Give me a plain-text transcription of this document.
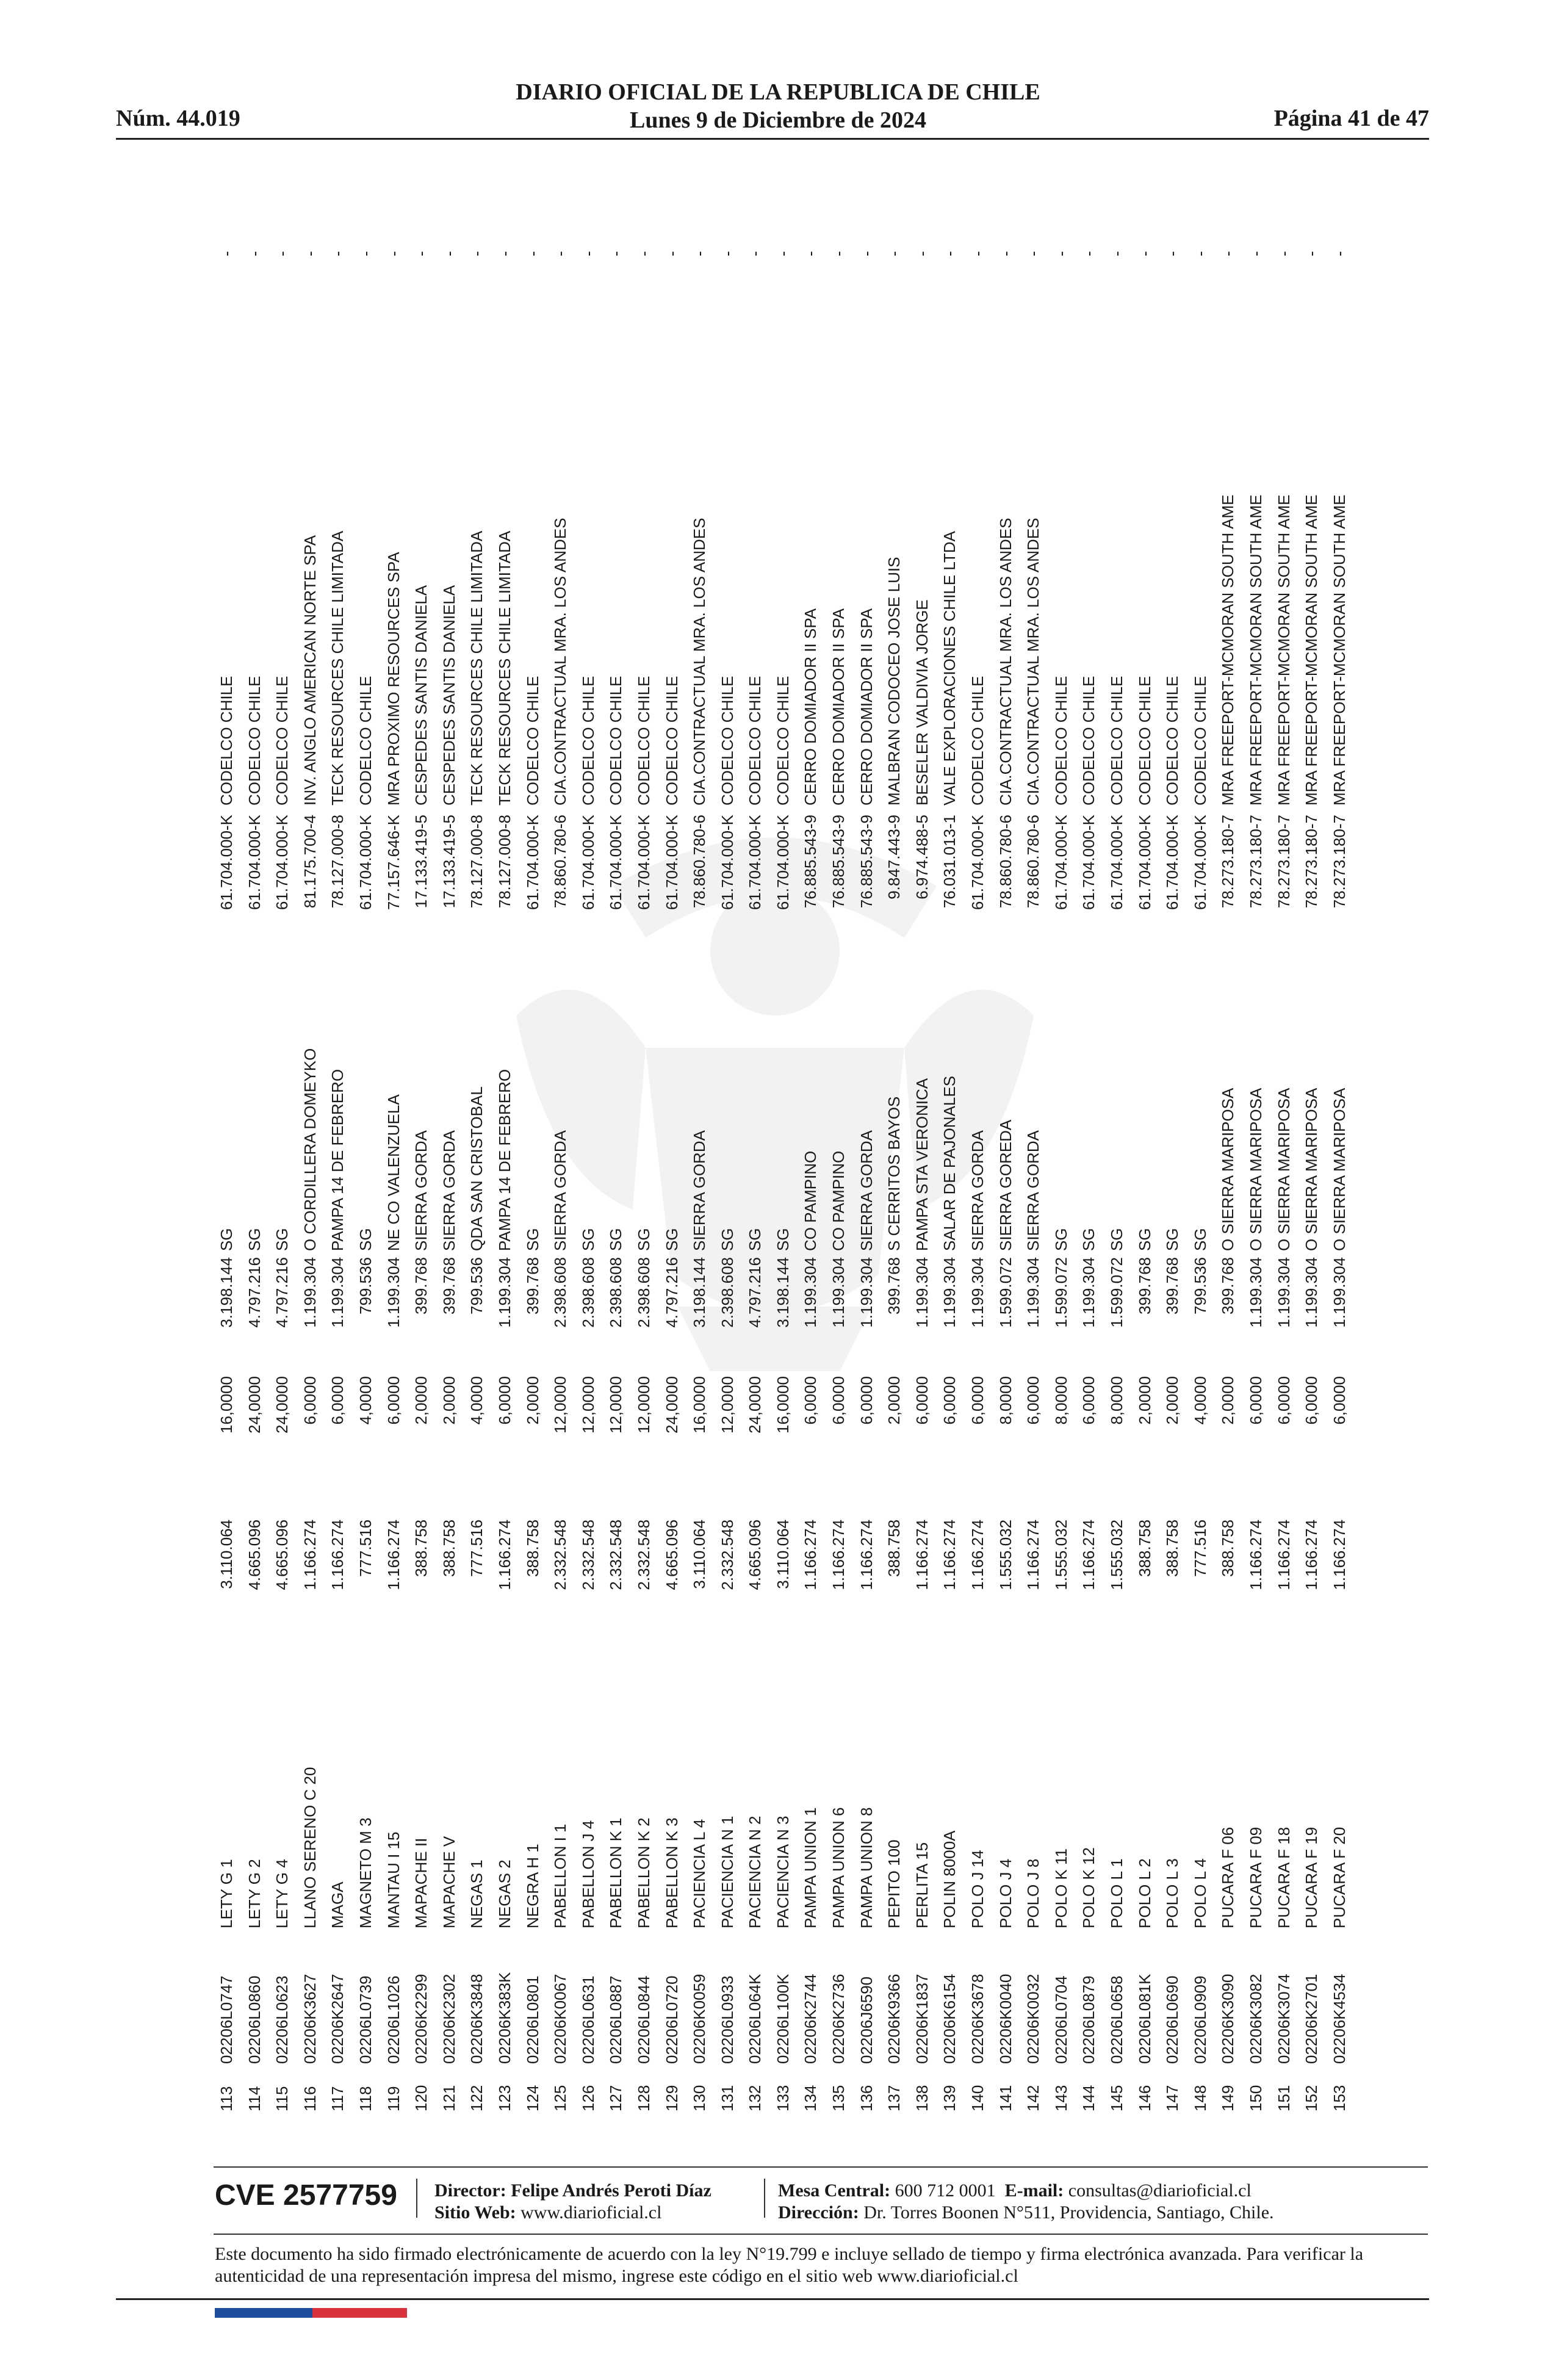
Núm. 44.019
DIARIO OFICIAL DE LA REPUBLICA DE CHILE
Lunes 9 de Diciembre de 2024	Página 41 de 47
113
02206L0747
LETY G 1
3.110.064
16,0000
3.198.144
SG
61.704.000-K
CODELCO CHILE
-
114
02206L0860
LETY G 2
4.665.096
24,0000
4.797.216
SG
61.704.000-K
CODELCO CHILE
-
115
02206L0623
LETY G 4
4.665.096
24,0000
4.797.216
SG
61.704.000-K
CODELCO CHILE
-
116
02206K3627
LLANO SERENO C 20
1.166.274
6,0000
1.199.304
O CORDILLERA DOMEYKO
81.175.700-4
INV. ANGLO AMERICAN NORTE SPA
-
117
02206K2647
MAGA
1.166.274
6,0000
1.199.304
PAMPA 14 DE FEBRERO
78.127.000-8
TECK RESOURCES CHILE LIMITADA
-
118
02206L0739
MAGNETO M 3
777.516
4,0000
799.536
SG
61.704.000-K
CODELCO CHILE
-
119
02206L1026
MANTAU I 15
1.166.274
6,0000
1.199.304
NE CO VALENZUELA
77.157.646-K
MRA PROXIMO RESOURCES SPA
-
120
02206K2299
MAPACHE II
388.758
2,0000
399.768
SIERRA GORDA
17.133.419-5
CESPEDES SANTIS DANIELA
-
121
02206K2302
MAPACHE V
388.758
2,0000
399.768
SIERRA GORDA
17.133.419-5
CESPEDES SANTIS DANIELA
-
122
02206K3848
NEGAS 1
777.516
4,0000
799.536
QDA SAN CRISTOBAL
78.127.000-8
TECK RESOURCES CHILE LIMITADA
-
123
02206K383K
NEGAS 2
1.166.274
6,0000
1.199.304
PAMPA 14 DE FEBRERO
78.127.000-8
TECK RESOURCES CHILE LIMITADA
-
124
02206L0801
NEGRA H 1
388.758
2,0000
399.768
SG
61.704.000-K
CODELCO CHILE
-
125
02206K0067
PABELLON I 1
2.332.548
12,0000
2.398.608
SIERRA GORDA
78.860.780-6
CIA.CONTRACTUAL MRA. LOS ANDES
-
126
02206L0631
PABELLON J 4
2.332.548
12,0000
2.398.608
SG
61.704.000-K
CODELCO CHILE
-
127
02206L0887
PABELLON K 1
2.332.548
12,0000
2.398.608
SG
61.704.000-K
CODELCO CHILE
-
128
02206L0844
PABELLON K 2
2.332.548
12,0000
2.398.608
SG
61.704.000-K
CODELCO CHILE
-
129
02206L0720
PABELLON K 3
4.665.096
24,0000
4.797.216
SG
61.704.000-K
CODELCO CHILE
-
130
02206K0059
PACIENCIA L 4
3.110.064
16,0000
3.198.144
SIERRA GORDA
78.860.780-6
CIA.CONTRACTUAL MRA. LOS ANDES
-
131
02206L0933
PACIENCIA N 1
2.332.548
12,0000
2.398.608
SG
61.704.000-K
CODELCO CHILE
-
132
02206L064K
PACIENCIA N 2
4.665.096
24,0000
4.797.216
SG
61.704.000-K
CODELCO CHILE
-
133
02206L100K
PACIENCIA N 3
3.110.064
16,0000
3.198.144
SG
61.704.000-K
CODELCO CHILE
-
134
02206K2744
PAMPA UNION 1
1.166.274
6,0000
1.199.304
CO PAMPINO
76.885.543-9
CERRO DOMIADOR II SPA
-
135
02206K2736
PAMPA UNION 6
1.166.274
6,0000
1.199.304
CO PAMPINO
76.885.543-9
CERRO DOMIADOR II SPA
-
136
02206J6590
PAMPA UNION 8
1.166.274
6,0000
1.199.304
SIERRA GORDA
76.885.543-9
CERRO DOMIADOR II SPA
-
137
02206K9366
PEPITO 100
388.758
2,0000
399.768
S CERRITOS BAYOS
9.847.443-9
MALBRAN CODOCEO JOSE LUIS
-
138
02206K1837
PERLITA 15
1.166.274
6,0000
1.199.304
PAMPA STA VERONICA
6.974.488-5
BESELER VALDIVIA JORGE
-
139
02206K6154
POLIN 8000A
1.166.274
6,0000
1.199.304
SALAR DE PAJONALES
76.031.013-1
VALE EXPLORACIONES CHILE LTDA
-
140
02206K3678
POLO J 14
1.166.274
6,0000
1.199.304
SIERRA GORDA
61.704.000-K
CODELCO CHILE
-
141
02206K0040
POLO J 4
1.555.032
8,0000
1.599.072
SIERRA GOREDA
78.860.780-6
CIA.CONTRACTUAL MRA. LOS ANDES
-
142
02206K0032
POLO J 8
1.166.274
6,0000
1.199.304
SIERRA GORDA
78.860.780-6
CIA.CONTRACTUAL MRA. LOS ANDES
-
143
02206L0704
POLO K 11
1.555.032
8,0000
1.599.072
SG
61.704.000-K
CODELCO CHILE
-
144
02206L0879
POLO K 12
1.166.274
6,0000
1.199.304
SG
61.704.000-K
CODELCO CHILE
-
145
02206L0658
POLO L 1
1.555.032
8,0000
1.599.072
SG
61.704.000-K
CODELCO CHILE
-
146
02206L081K
POLO L 2
388.758
2,0000
399.768
SG
61.704.000-K
CODELCO CHILE
-
147
02206L0690
POLO L 3
388.758
2,0000
399.768
SG
61.704.000-K
CODELCO CHILE
-
148
02206L0909
POLO L 4
777.516
4,0000
799.536
SG
61.704.000-K
CODELCO CHILE
-
149
02206K3090
PUCARA F 06
388.758
2,0000
399.768
O SIERRA MARIPOSA
78.273.180-7
MRA FREEPORT-MCMORAN SOUTH AME
-
150
02206K3082
PUCARA F 09
1.166.274
6,0000
1.199.304
O SIERRA MARIPOSA
78.273.180-7
MRA FREEPORT-MCMORAN SOUTH AME
-
151
02206K3074
PUCARA F 18
1.166.274
6,0000
1.199.304
O SIERRA MARIPOSA
78.273.180-7
MRA FREEPORT-MCMORAN SOUTH AME
-
152
02206K2701
PUCARA F 19
1.166.274
6,0000
1.199.304
O SIERRA MARIPOSA
78.273.180-7
MRA FREEPORT-MCMORAN SOUTH AME
-
153
02206K4534
PUCARA F 20
1.166.274
6,0000
1.199.304
O SIERRA MARIPOSA
78.273.180-7
MRA FREEPORT-MCMORAN SOUTH AME
-
CVE 2577759 Director: Felipe Andrés Peroti Díaz
Sitio Web: www.diarioficial.cl
Mesa Central: 600 712 0001 E-mail: consultas@diarioficial.cl
Dirección: Dr. Torres Boonen N°511, Providencia, Santiago, Chile.
Este documento ha sido firmado electrónicamente de acuerdo con la ley N°19.799 e incluye sellado de tiempo y firma electrónica avanzada. Para verificar la autenticidad de una representación impresa del mismo, ingrese este código en el sitio web www.diarioficial.cl
